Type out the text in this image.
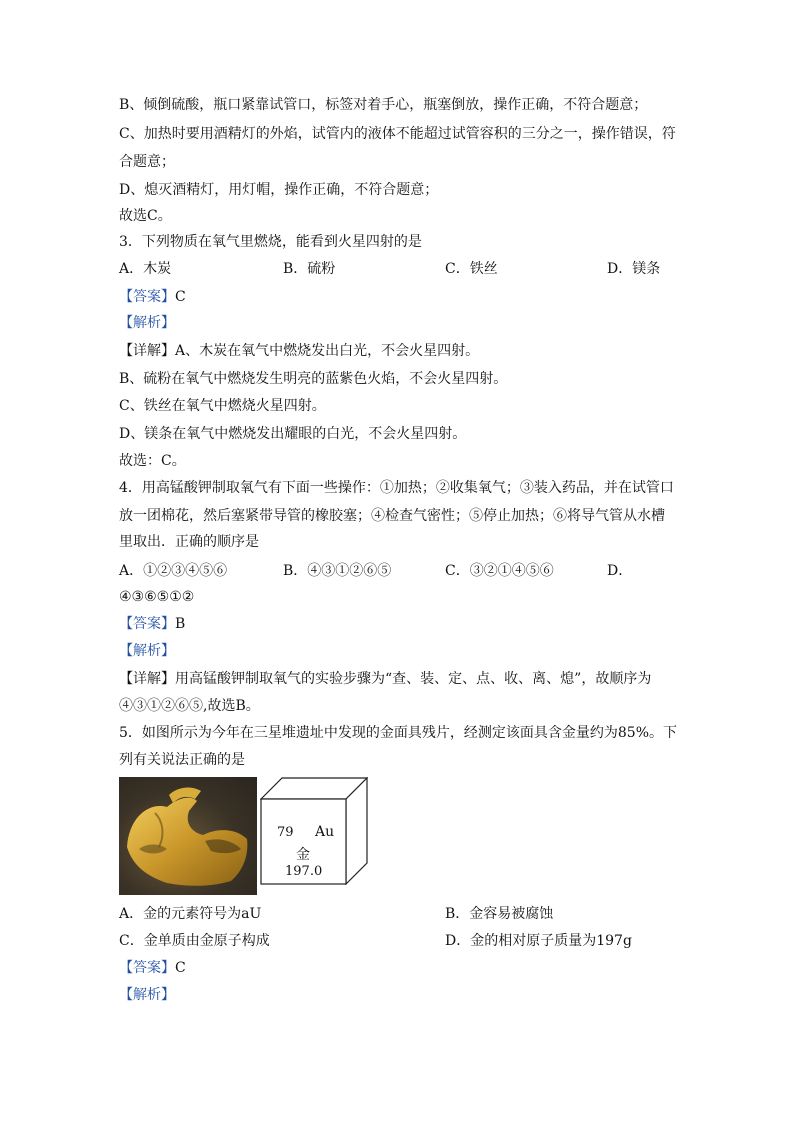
B、倾倒硫酸，瓶口紧靠试管口，标签对着手心，瓶塞倒放，操作正确，不符合题意；
C、加热时要用酒精灯的外焰，试管内的液体不能超过试管容积的三分之一，操作错误，符
合题意；
D、熄灭酒精灯，用灯帽，操作正确，不符合题意；
故选C。
3．下列物质在氧气里燃烧，能看到火星四射的是
A．木炭	B．硫粉	C．铁丝	D．镁条
【答案】C
【解析】
【详解】A、木炭在氧气中燃烧发出白光，不会火星四射。
B、硫粉在氧气中燃烧发生明亮的蓝紫色火焰，不会火星四射。
C、铁丝在氧气中燃烧火星四射。
D、镁条在氧气中燃烧发出耀眼的白光，不会火星四射。
故选：C。
4．用高锰酸钾制取氧气有下面一些操作：①加热；②收集氧气；③装入药品，并在试管口
放一团棉花，然后塞紧带导管的橡胶塞；④检查气密性；⑤停止加热；⑥将导气管从水槽
里取出．正确的顺序是
A．①②③④⑤⑥	B．④③①②⑥⑤	C．③②①④⑤⑥	D．
④③⑥⑤①②
【答案】B
【解析】
【详解】用高锰酸钾制取氧气的实验步骤为“查、装、定、点、收、离、熄”，故顺序为
④③①②⑥⑤,故选B。
5．如图所示为今年在三星堆遗址中发现的金面具残片，经测定该面具含金量约为85%。下
列有关说法正确的是
79 Au
金
197.0
A．金的元素符号为aU	B．金容易被腐蚀
C．金单质由金原子构成	D．金的相对原子质量为197g
【答案】C
【解析】
